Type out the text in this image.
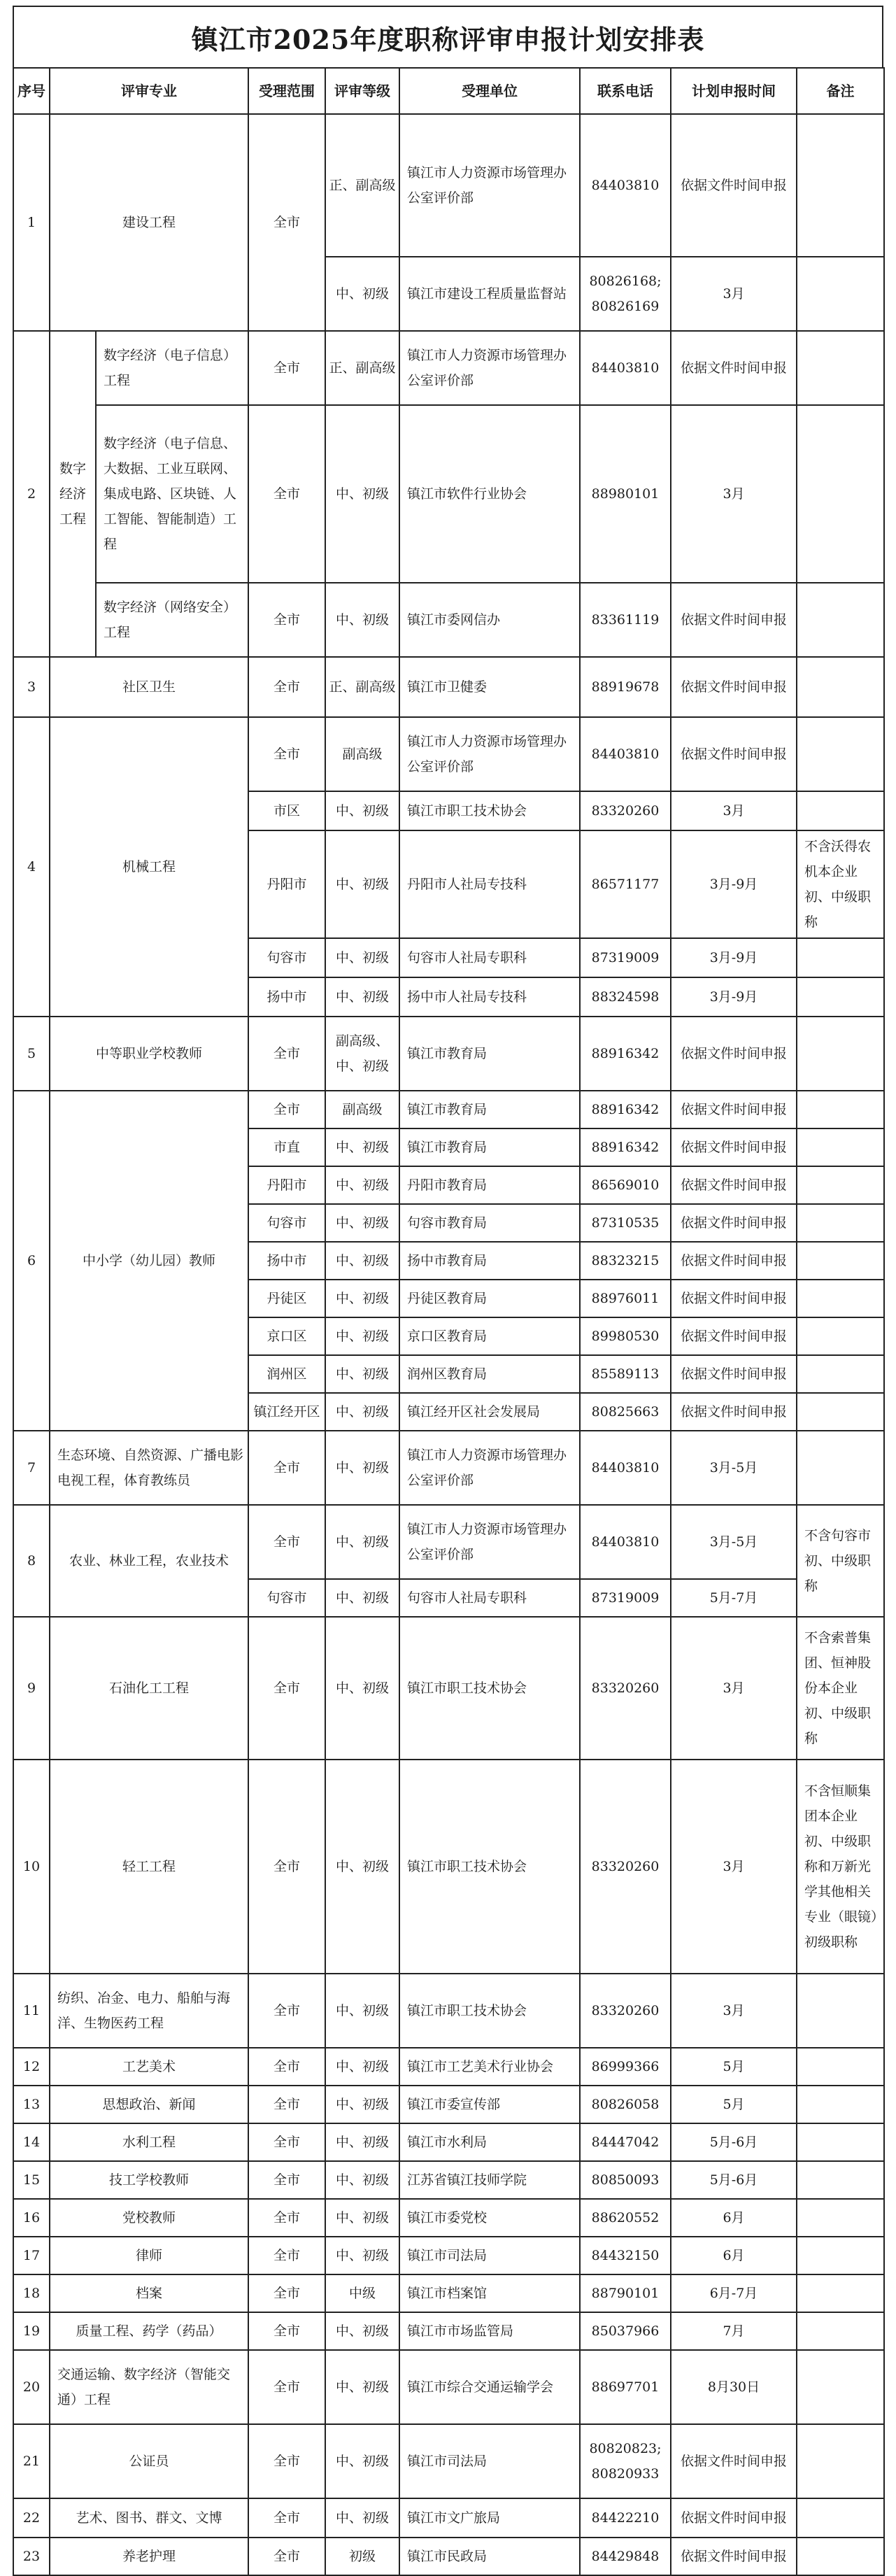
镇江市2025年度职称评审申报计划安排表
序号	评审专业		受理范围	评审等级	受理单位	联系电话	计划申报时间	备注
1	建设工程		全市	正、副高级	镇江市人力资源市场管理办公室评价部	84403810	依据文件时间申报	
				中、初级	镇江市建设工程质量监督站	80826168; 80826169	3月	
2	数字经济工程	数字经济（电子信息）工程	全市	正、副高级	镇江市人力资源市场管理办公室评价部	84403810	依据文件时间申报	
		数字经济（电子信息、大数据、工业互联网、集成电路、区块链、人工智能、智能制造）工程	全市	中、初级	镇江市软件行业协会	88980101	3月	
		数字经济（网络安全）工程	全市	中、初级	镇江市委网信办	83361119	依据文件时间申报	
3	社区卫生		全市	正、副高级	镇江市卫健委	88919678	依据文件时间申报	
4	机械工程		全市	副高级	镇江市人力资源市场管理办公室评价部	84403810	依据文件时间申报	
			市区	中、初级	镇江市职工技术协会	83320260	3月	
			丹阳市	中、初级	丹阳市人社局专技科	86571177	3月-9月	不含沃得农机本企业初、中级职称
			句容市	中、初级	句容市人社局专职科	87319009	3月-9月	
			扬中市	中、初级	扬中市人社局专技科	88324598	3月-9月	
5	中等职业学校教师		全市	副高级、中、初级	镇江市教育局	88916342	依据文件时间申报	
6	中小学（幼儿园）教师		全市	副高级	镇江市教育局	88916342	依据文件时间申报	
			市直	中、初级	镇江市教育局	88916342	依据文件时间申报	
			丹阳市	中、初级	丹阳市教育局	86569010	依据文件时间申报	
			句容市	中、初级	句容市教育局	87310535	依据文件时间申报	
			扬中市	中、初级	扬中市教育局	88323215	依据文件时间申报	
			丹徒区	中、初级	丹徒区教育局	88976011	依据文件时间申报	
			京口区	中、初级	京口区教育局	89980530	依据文件时间申报	
			润州区	中、初级	润州区教育局	85589113	依据文件时间申报	
			镇江经开区	中、初级	镇江经开区社会发展局	80825663	依据文件时间申报	
7	生态环境、自然资源、广播电影电视工程，体育教练员		全市	中、初级	镇江市人力资源市场管理办公室评价部	84403810	3月-5月	
8	农业、林业工程，农业技术		全市	中、初级	镇江市人力资源市场管理办公室评价部	84403810	3月-5月	不含句容市初、中级职称
			句容市	中、初级	句容市人社局专职科	87319009	5月-7月	
9	石油化工工程		全市	中、初级	镇江市职工技术协会	83320260	3月	不含索普集团、恒神股份本企业初、中级职称
10	轻工工程		全市	中、初级	镇江市职工技术协会	83320260	3月	不含恒顺集团本企业初、中级职称和万新光学其他相关专业（眼镜）初级职称
11	纺织、冶金、电力、船舶与海洋、生物医药工程		全市	中、初级	镇江市职工技术协会	83320260	3月	
12	工艺美术		全市	中、初级	镇江市工艺美术行业协会	86999366	5月	
13	思想政治、新闻		全市	中、初级	镇江市委宣传部	80826058	5月	
14	水利工程		全市	中、初级	镇江市水利局	84447042	5月-6月	
15	技工学校教师		全市	中、初级	江苏省镇江技师学院	80850093	5月-6月	
16	党校教师		全市	中、初级	镇江市委党校	88620552	6月	
17	律师		全市	中、初级	镇江市司法局	84432150	6月	
18	档案		全市	中级	镇江市档案馆	88790101	6月-7月	
19	质量工程、药学（药品）		全市	中、初级	镇江市市场监管局	85037966	7月	
20	交通运输、数字经济（智能交通）工程		全市	中、初级	镇江市综合交通运输学会	88697701	8月30日	
21	公证员		全市	中、初级	镇江市司法局	80820823; 80820933	依据文件时间申报	
22	艺术、图书、群文、文博		全市	中、初级	镇江市文广旅局	84422210	依据文件时间申报	
23	养老护理		全市	初级	镇江市民政局	84429848	依据文件时间申报	
